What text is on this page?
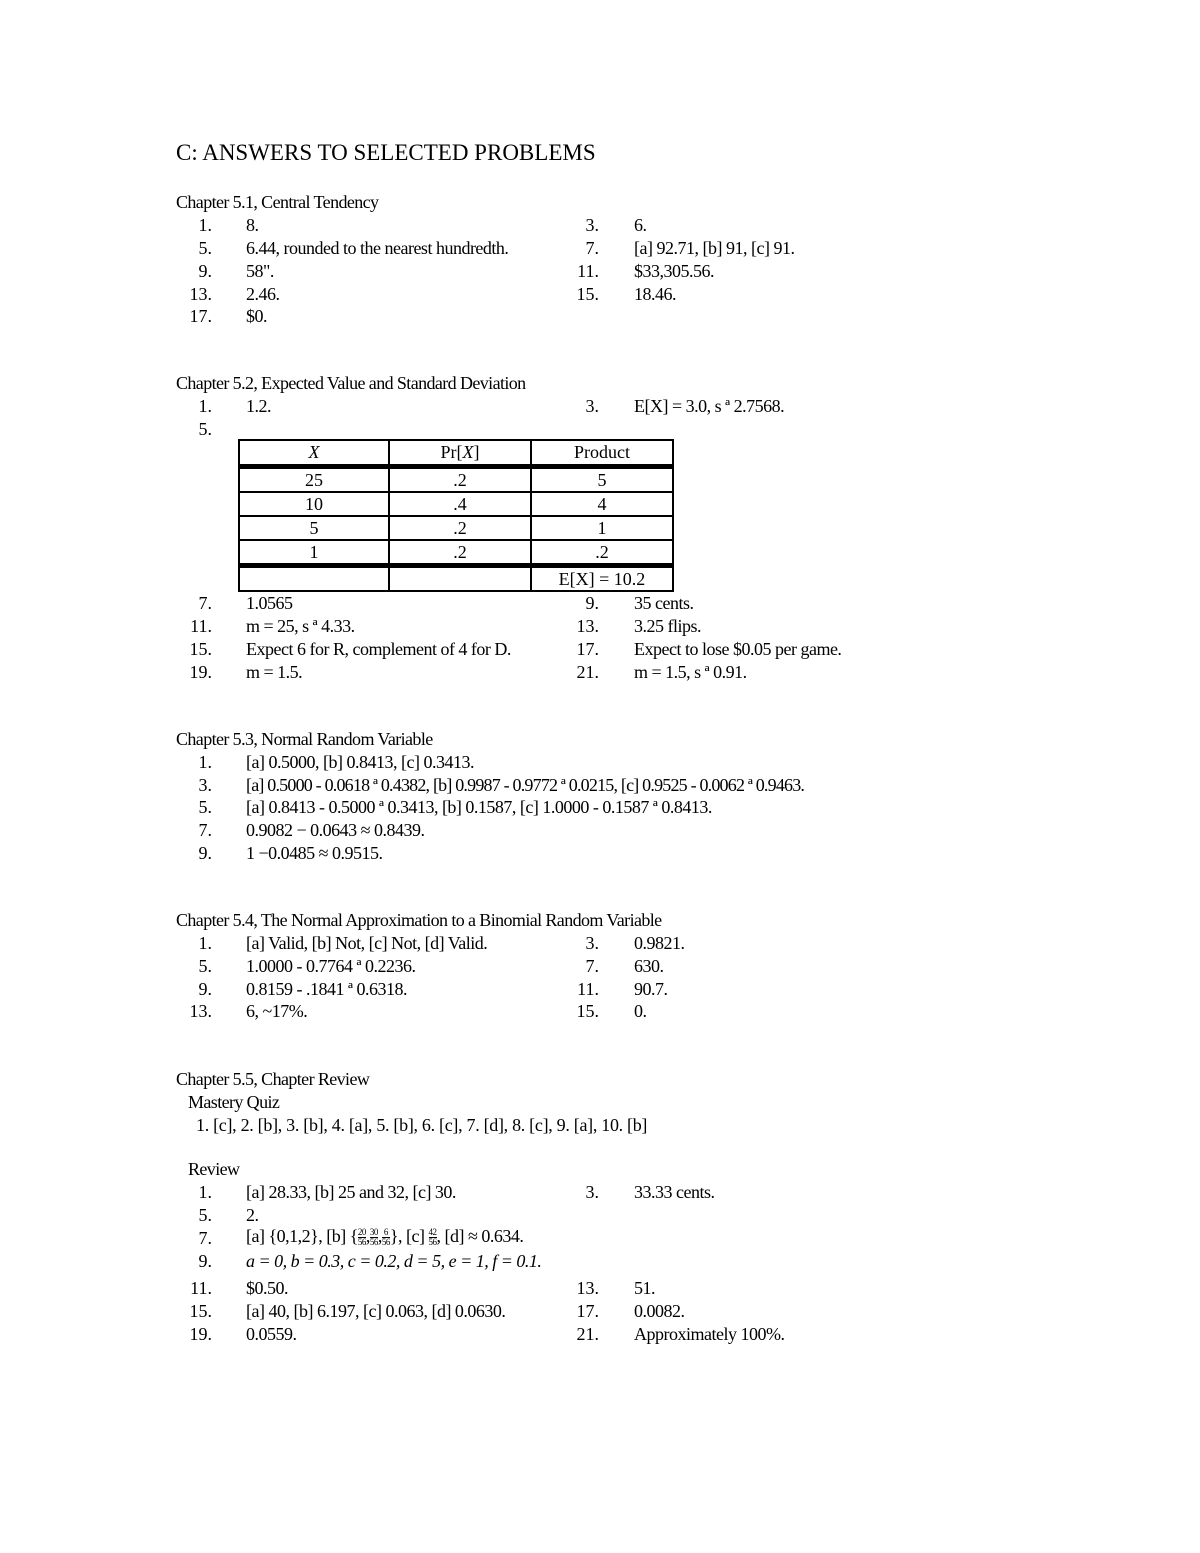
C: ANSWERS TO SELECTED PROBLEMS
Chapter 5.1, Central Tendency
1. 8.	3. 6.
5. 6.44, rounded to the nearest hundredth.	7. [a] 92.71, [b] 91, [c] 91.
9. 58".	11. $33,305.56.
13. 2.46.	15. 18.46.
17. $0.
Chapter 5.2, Expected Value and Standard Deviation
1. 1.2.	3. E[X] = 3.0, s ª 2.7568.
5.
X	Pr[X]	Product
25	.2	5
10	.4	4
5	.2	1
1	.2	.2
		E[X] = 10.2
7. 1.0565	9. 35 cents.
11. m = 25, s ª 4.33.	13. 3.25 flips.
15. Expect 6 for R, complement of 4 for D.	17. Expect to lose $0.05 per game.
19. m = 1.5.	21. m = 1.5, s ª 0.91.
Chapter 5.3, Normal Random Variable
1. [a] 0.5000, [b] 0.8413, [c] 0.3413.
3. [a] 0.5000 - 0.0618 ª 0.4382, [b] 0.9987 - 0.9772 ª 0.0215, [c] 0.9525 - 0.0062 ª 0.9463.
5. [a] 0.8413 - 0.5000 ª 0.3413, [b] 0.1587, [c] 1.0000 - 0.1587 ª 0.8413.
7. 0.9082 − 0.0643 ≈ 0.8439.
9. 1 −0.0485 ≈ 0.9515.
Chapter 5.4, The Normal Approximation to a Binomial Random Variable
1. [a] Valid, [b] Not, [c] Not, [d] Valid.	3. 0.9821.
5. 1.0000 - 0.7764 ª 0.2236.	7. 630.
9. 0.8159 - .1841 ª 0.6318.	11. 90.7.
13. 6, ~17%.	15. 0.
Chapter 5.5, Chapter Review
Mastery Quiz
1. [c], 2. [b], 3. [b], 4. [a], 5. [b], 6. [c], 7. [d], 8. [c], 9. [a], 10. [b]
Review
1. [a] 28.33, [b] 25 and 32, [c] 30.	3. 33.33 cents.
5. 2.
7. [a] {0,1,2}, [b] { $\frac{20}{56}$ , $\frac{30}{56}$ , $\frac{6}{56}$ }, $[c] \frac{42}{56}$ , [d] ≈ 0.634.
9. a = 0, b = 0.3, c = 0.2, d = 5, e = 1, f = 0.1.
11. $0.50.	13. 51.
15. [a] 40, [b] 6.197, [c] 0.063, [d] 0.0630.	17. 0.0082.
19. 0.0559.	21. Approximately 100%.
